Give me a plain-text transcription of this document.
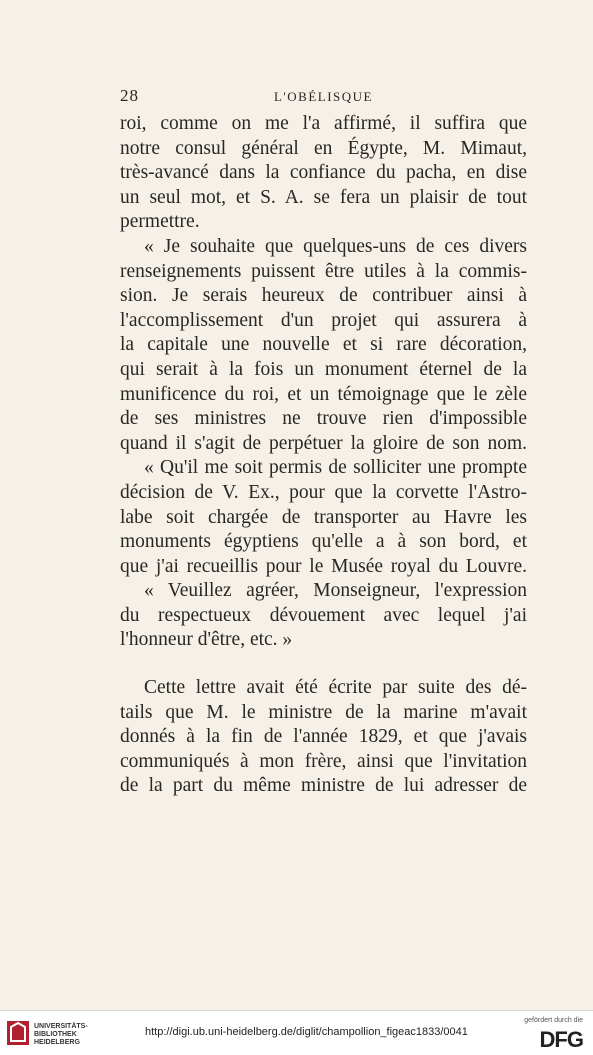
28	L'OBÉLISQUE

roi, comme on me l'a affirmé, il suffira que
notre consul général en Égypte, M. Mimaut,
très-avancé dans la confiance du pacha, en dise
un seul mot, et S. A. se fera un plaisir de tout
permettre.

« Je souhaite que quelques-uns de ces divers
renseignements puissent être utiles à la commis-
sion. Je serais heureux de contribuer ainsi à
l'accomplissement d'un projet qui assurera à
la capitale une nouvelle et si rare décoration,
qui serait à la fois un monument éternel de la
munificence du roi, et un témoignage que le zèle
de ses ministres ne trouve rien d'impossible
quand il s'agit de perpétuer la gloire de son nom.

« Qu'il me soit permis de solliciter une prompte
décision de V. Ex., pour que la corvette l'Astro-
labe soit chargée de transporter au Havre les
monuments égyptiens qu'elle a à son bord, et
que j'ai recueillis pour le Musée royal du Louvre.

« Veuillez agréer, Monseigneur, l'expression
du respectueux dévouement avec lequel j'ai
l'honneur d'être, etc. »

Cette lettre avait été écrite par suite des dé-
tails que M. le ministre de la marine m'avait
donnés à la fin de l'année 1829, et que j'avais
communiqués à mon frère, ainsi que l'invitation
de la part du même ministre de lui adresser de

UNIVERSITÄTS-
BIBLIOTHEK
HEIDELBERG
http://digi.ub.uni-heidelberg.de/diglit/champollion_figeac1833/0041
gefördert durch die
DFG
